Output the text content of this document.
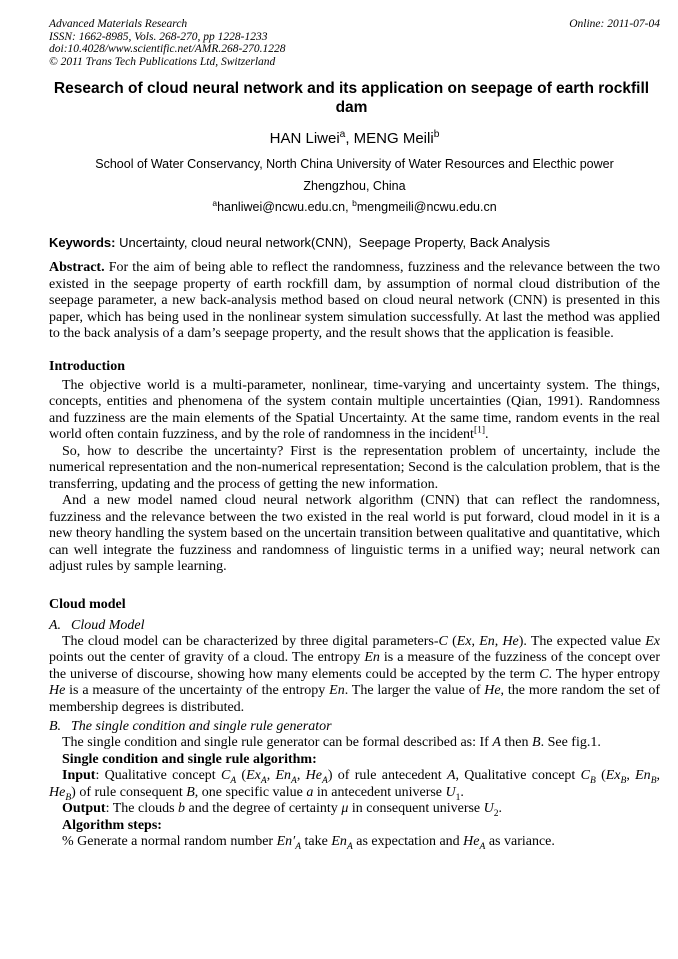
Advanced Materials Research
ISSN: 1662-8985, Vols. 268-270, pp 1228-1233
doi:10.4028/www.scientific.net/AMR.268-270.1228
© 2011 Trans Tech Publications Ltd, Switzerland
Online: 2011-07-04
Research of cloud neural network and its application on seepage of earth rockfill dam
HAN Liwei$^a$, MENG Meili$^b$
School of Water Conservancy, North China University of Water Resources and Electhic power
Zhengzhou, China
$^a$hanliwei@ncwu.edu.cn, $^b$mengmeili@ncwu.edu.cn
Keywords: Uncertainty, cloud neural network(CNN),  Seepage Property, Back Analysis

Abstract. For the aim of being able to reflect the randomness, fuzziness and the relevance between the two existed in the seepage property of earth rockfill dam, by assumption of normal cloud distribution of the seepage parameter, a new back-analysis method based on cloud neural network (CNN) is presented in this paper, which has being used in the nonlinear system simulation successfully. At last the method was applied to the back analysis of a dam’s seepage property, and the result shows that the application is feasible.

Introduction

The objective world is a multi-parameter, nonlinear, time-varying and uncertainty system. The things, concepts, entities and phenomena of the system contain multiple uncertainties (Qian, 1991). Randomness and fuzziness are the main elements of the Spatial Uncertainty. At the same time, random events in the real world often contain fuzziness, and by the role of randomness in the incident[1].

So, how to describe the uncertainty? First is the representation problem of uncertainty, include the numerical representation and the non-numerical representation; Second is the calculation problem, that is the transferring, updating and the process of getting the new information.

And a new model named cloud neural network algorithm (CNN) that can reflect the randomness, fuzziness and the relevance between the two existed in the real world is put forward, cloud model in it is a new theory handling the system based on the uncertain transition between qualitative and quantitative, which can well integrate the fuzziness and randomness of linguistic terms in a unified way; neural network can adjust rules by sample learning.

Cloud model
A. Cloud Model

The cloud model can be characterized by three digital parameters-C (Ex, En, He). The expected value Ex points out the center of gravity of a cloud. The entropy En is a measure of the fuzziness of the concept over the universe of discourse, showing how many elements could be accepted by the term C. The hyper entropy He is a measure of the uncertainty of the entropy En. The larger the value of He, the more random the set of membership degrees is distributed.

B. The single condition and single rule generator

The single condition and single rule generator can be formal described as: If A then B. See fig.1.

Single condition and single rule algorithm:

Input: Qualitative concept $C_A$ ($Ex_A$, $En_A$, $He_A$) of rule antecedent A, Qualitative concept $C_B$ ($Ex_B$, $En_B$, $He_B$) of rule consequent B, one specific value a in antecedent universe $U_1$.

Output: The clouds b and the degree of certainty μ in consequent universe $U_2$.

Algorithm steps:

% Generate a normal random number $En'_A$ take $En_A$ as expectation and $He_A$ as variance.
